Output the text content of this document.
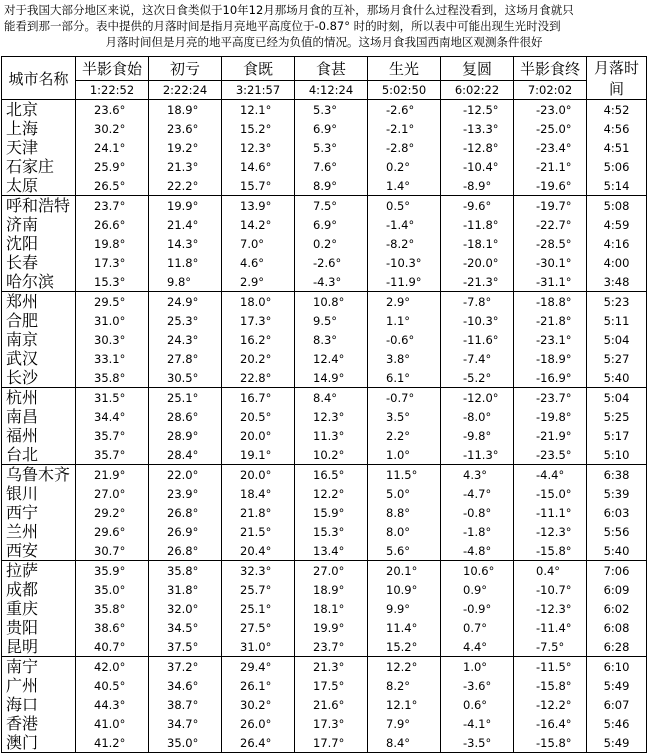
对于我国大部分地区来说，这次日食类似于10年12月那场月食的互补，那场月食什么过程没看到，这场月食就只
能看到那一部分。表中提供的月落时间是指月亮地平高度位于-0.87° 时的时刻，所以表中可能出现生光时没到
月落时间但是月亮的地平高度已经为负值的情况。这场月食我国西南地区观测条件很好
城市名称	半影食始	初亏	食既	食甚	生光	复圆	半影食终	月落时间
	1:22:52	2:22:24	3:21:57	4:12:24	5:02:50	6:02:22	7:02:02	
北京	23.6°	18.9°	12.1°	5.3°	-2.6°	-12.5°	-23.0°	4:52
上海	30.2°	23.6°	15.2°	6.9°	-2.1°	-13.3°	-25.0°	4:56
天津	24.1°	19.2°	12.3°	5.3°	-2.8°	-12.8°	-23.4°	4:51
石家庄	25.9°	21.3°	14.6°	7.6°	0.2°	-10.4°	-21.1°	5:06
太原	26.5°	22.2°	15.7°	8.9°	1.4°	-8.9°	-19.6°	5:14
呼和浩特	23.7°	19.9°	13.9°	7.5°	0.5°	-9.6°	-19.7°	5:08
济南	26.6°	21.4°	14.2°	6.9°	-1.4°	-11.8°	-22.7°	4:59
沈阳	19.8°	14.3°	7.0°	0.2°	-8.2°	-18.1°	-28.5°	4:16
长春	17.3°	11.8°	4.6°	-2.6°	-10.3°	-20.0°	-30.1°	4:00
哈尔滨	15.3°	9.8°	2.9°	-4.3°	-11.9°	-21.3°	-31.1°	3:48
郑州	29.5°	24.9°	18.0°	10.8°	2.9°	-7.8°	-18.8°	5:23
合肥	31.0°	25.3°	17.3°	9.5°	1.1°	-10.3°	-21.8°	5:11
南京	30.3°	24.3°	16.2°	8.3°	-0.6°	-11.6°	-23.1°	5:04
武汉	33.1°	27.8°	20.2°	12.4°	3.8°	-7.4°	-18.9°	5:27
长沙	35.8°	30.5°	22.8°	14.9°	6.1°	-5.2°	-16.9°	5:40
杭州	31.5°	25.1°	16.7°	8.4°	-0.7°	-12.0°	-23.7°	5:04
南昌	34.4°	28.6°	20.5°	12.3°	3.5°	-8.0°	-19.8°	5:25
福州	35.7°	28.9°	20.0°	11.3°	2.2°	-9.8°	-21.9°	5:17
台北	35.7°	28.4°	19.1°	10.2°	1.0°	-11.3°	-23.5°	5:10
乌鲁木齐	21.9°	22.0°	20.0°	16.5°	11.5°	4.3°	-4.4°	6:38
银川	27.0°	23.9°	18.4°	12.2°	5.0°	-4.7°	-15.0°	5:39
西宁	29.2°	26.8°	21.8°	15.9°	8.8°	-0.8°	-11.1°	6:03
兰州	29.6°	26.9°	21.5°	15.3°	8.0°	-1.8°	-12.3°	5:56
西安	30.7°	26.8°	20.4°	13.4°	5.6°	-4.8°	-15.8°	5:40
拉萨	35.9°	35.8°	32.3°	27.0°	20.1°	10.6°	0.4°	7:06
成都	35.0°	31.8°	25.7°	18.9°	10.9°	0.9°	-10.7°	6:09
重庆	35.8°	32.0°	25.1°	18.1°	9.9°	-0.9°	-12.3°	6:02
贵阳	38.6°	34.5°	27.5°	19.9°	11.4°	0.7°	-11.4°	6:08
昆明	40.7°	37.5°	31.0°	23.7°	15.2°	4.4°	-7.5°	6:28
南宁	42.0°	37.2°	29.4°	21.3°	12.2°	1.0°	-11.5°	6:10
广州	40.5°	34.6°	26.1°	17.5°	8.2°	-3.6°	-15.8°	5:49
海口	44.3°	38.7°	30.2°	21.6°	12.1°	0.6°	-12.2°	6:07
香港	41.0°	34.7°	26.0°	17.3°	7.9°	-4.1°	-16.4°	5:46
澳门	41.2°	35.0°	26.4°	17.7°	8.4°	-3.5°	-15.8°	5:49
